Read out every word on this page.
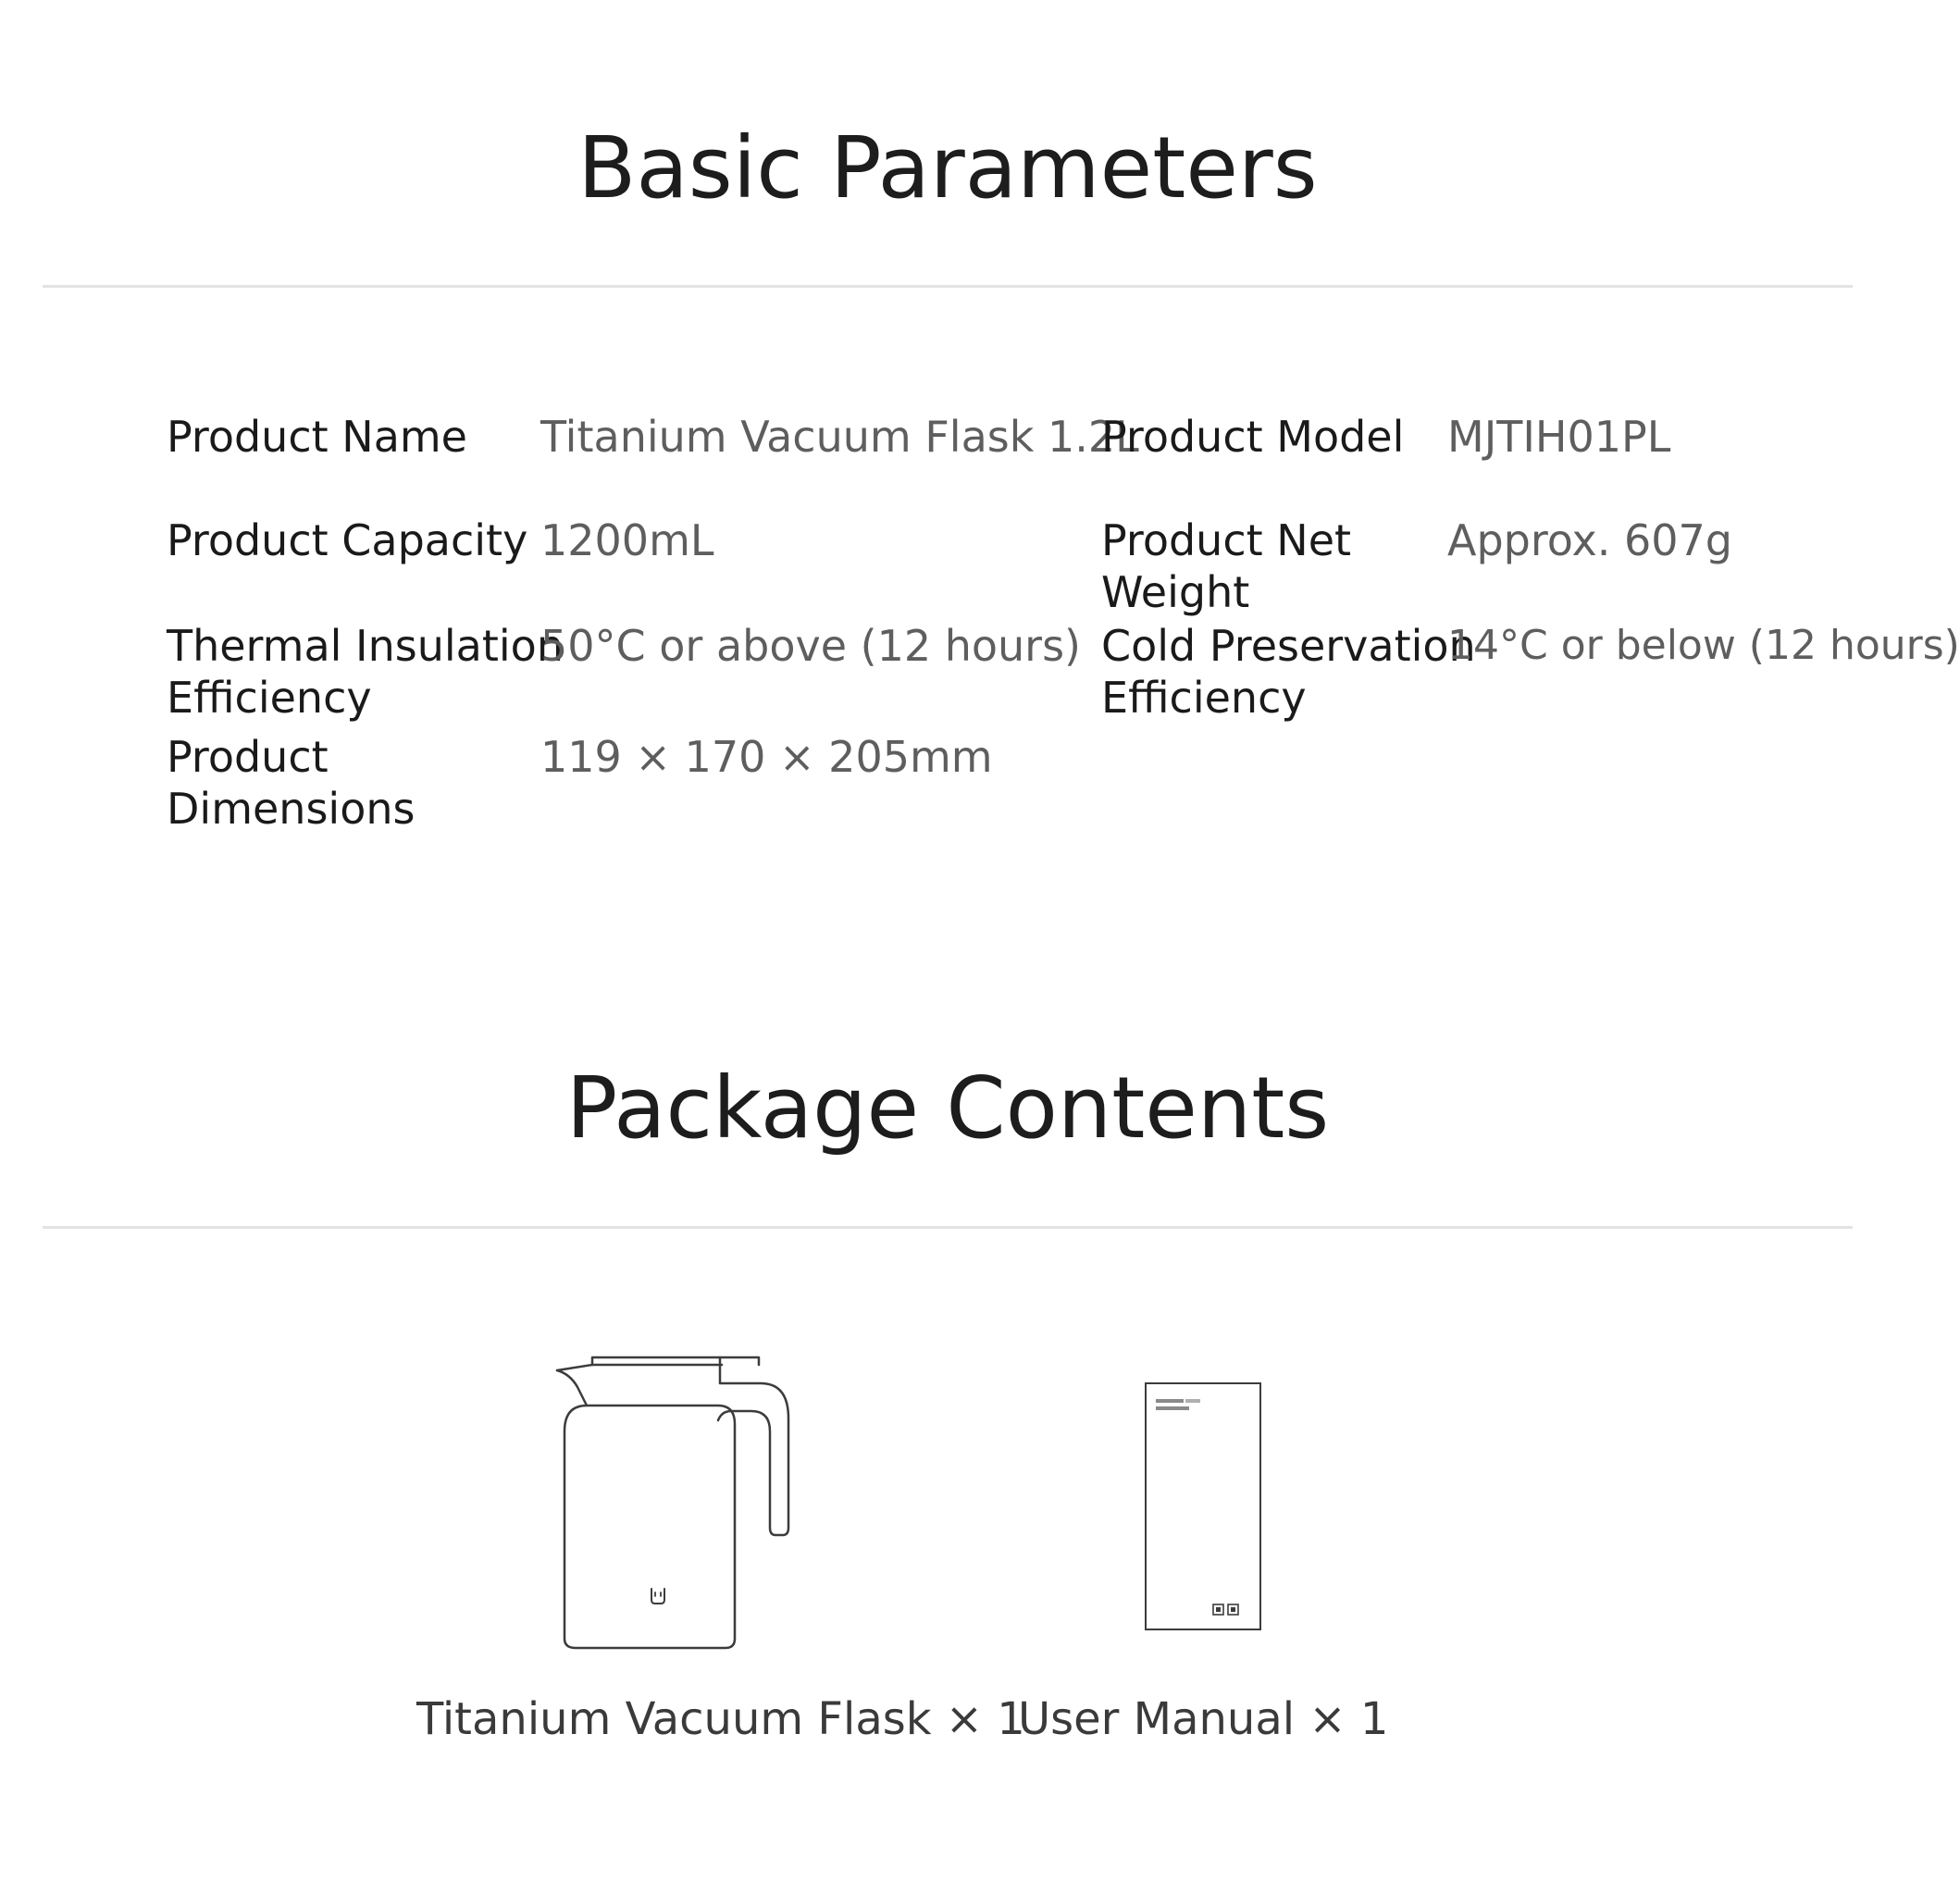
Basic Parameters
Product Name Titanium Vacuum Flask 1.2L
Product Model MJTIH01PL
Product Capacity 1200mL	Product Net
Weight
Approx. 607g
Thermal Insulation
Efficiency
50°C or above (12 hours) Cold Preservation
Efficiency
14°C or below (12 hours)
Product
Dimensions
119 × 170 × 205mm
Package Contents
Titanium Vacuum Flask × 1
User Manual × 1
